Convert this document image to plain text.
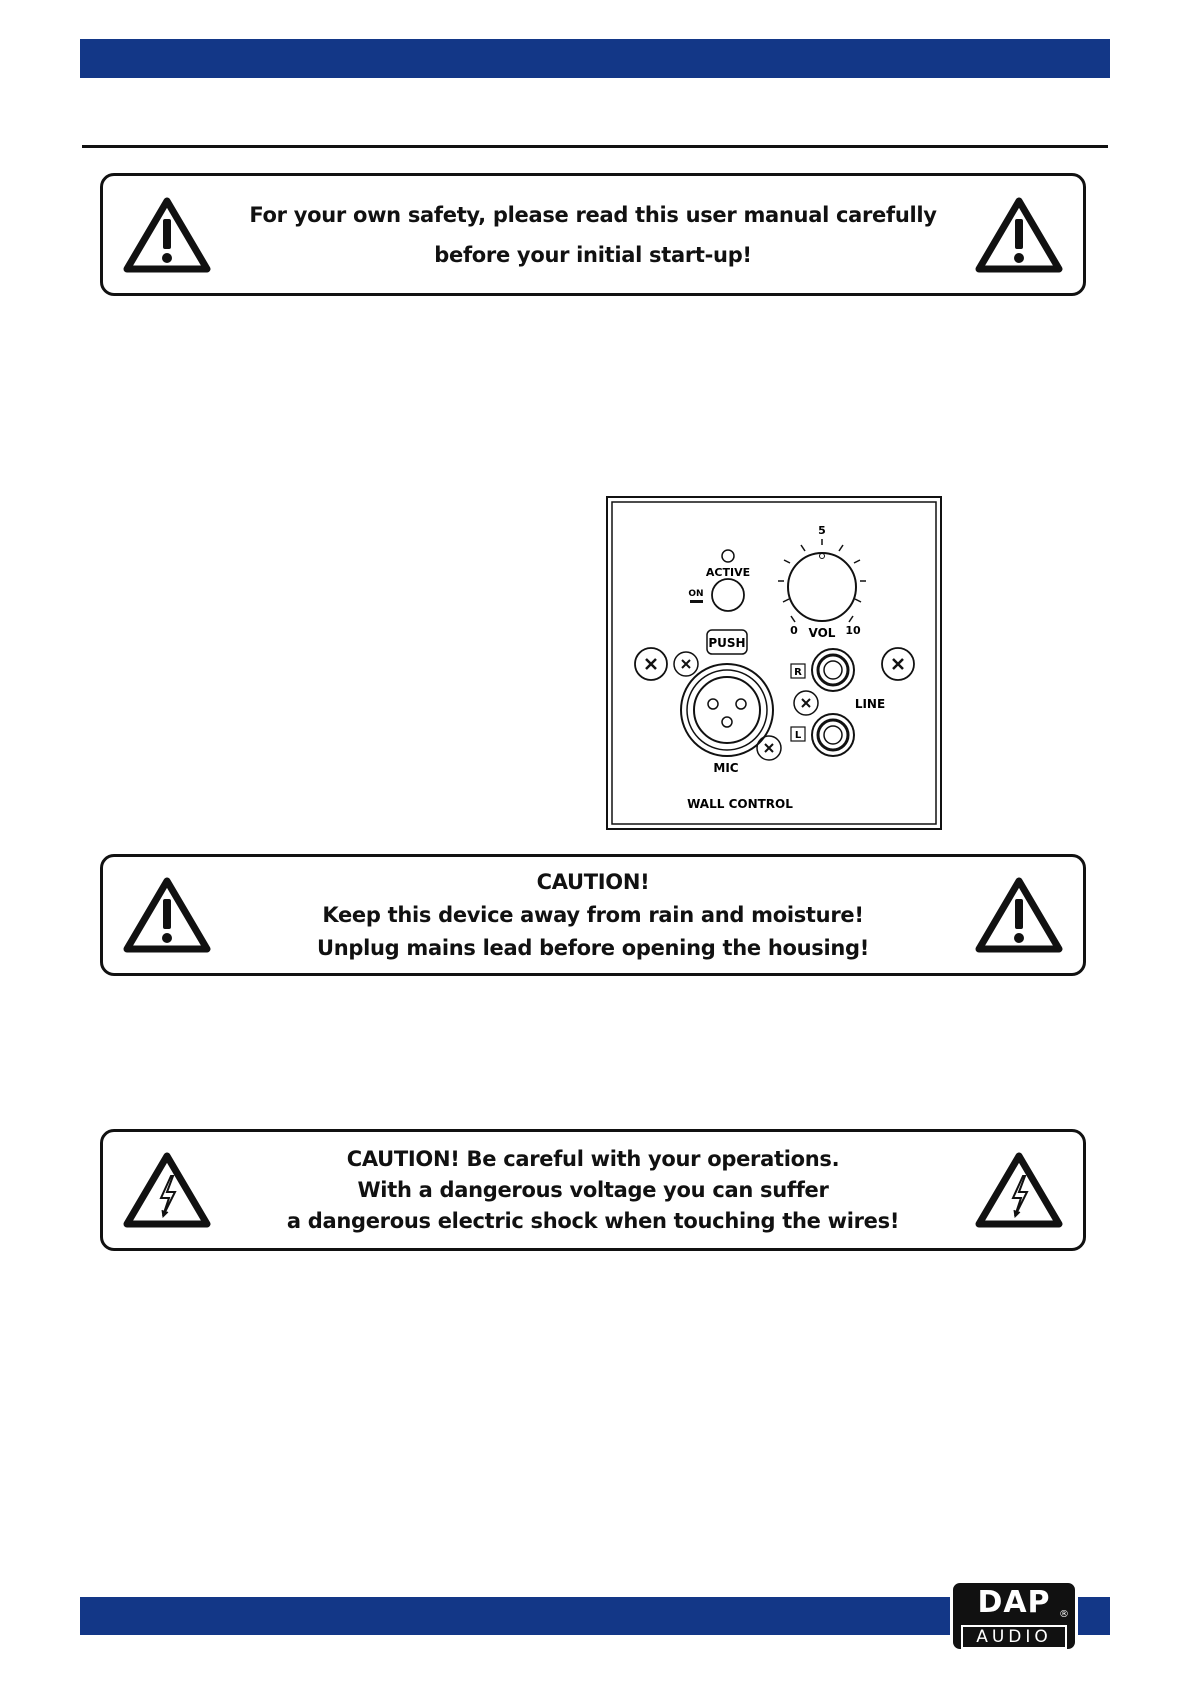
For your own safety, please read this user manual carefully
before your initial start-up!
ACTIVE
ON
5
0	10
VOL
PUSH
MIC
R
LINE
L
WALL CONTROL
CAUTION!
Keep this device away from rain and moisture!
Unplug mains lead before opening the housing!
CAUTION! Be careful with your operations.
With a dangerous voltage you can suffer
a dangerous electric shock when touching the wires!
DAP ®
AUDIO
